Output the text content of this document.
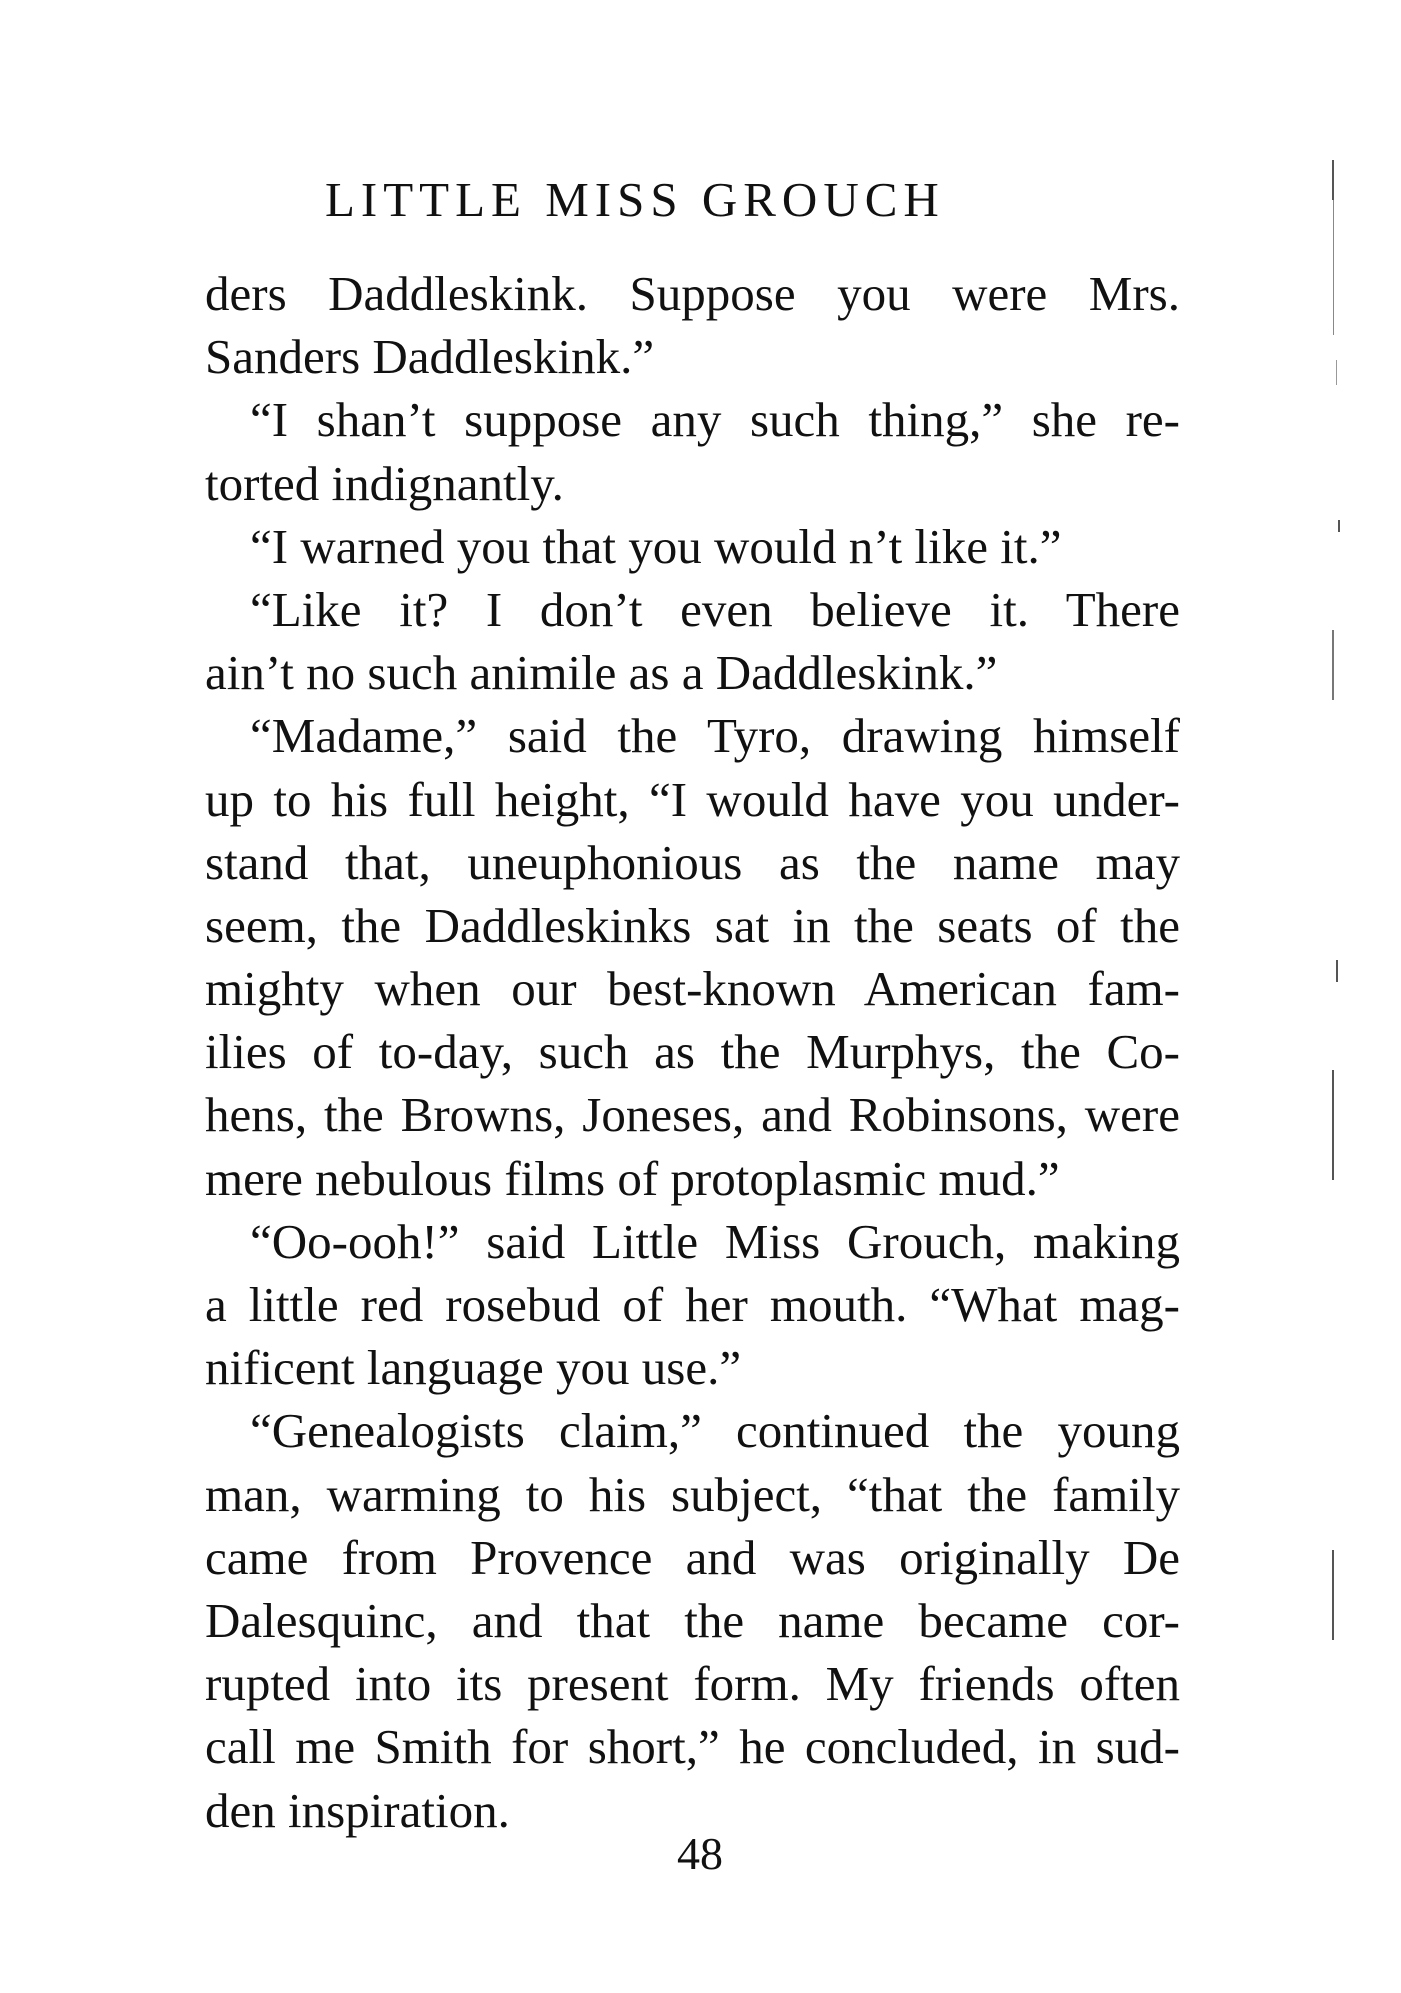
LITTLE MISS GROUCH
ders Daddleskink. Suppose you were Mrs.
Sanders Daddleskink.”
“I shan’t suppose any such thing,” she re-
torted indignantly.
“I warned you that you would n’t like it.”
“Like it? I don’t even believe it. There
ain’t no such animile as a Daddleskink.”
“Madame,” said the Tyro, drawing himself
up to his full height, “I would have you under-
stand that, uneuphonious as the name may
seem, the Daddleskinks sat in the seats of the
mighty when our best-known American fam-
ilies of to-day, such as the Murphys, the Co-
hens, the Browns, Joneses, and Robinsons, were
mere nebulous films of protoplasmic mud.”
“Oo-ooh!” said Little Miss Grouch, making
a little red rosebud of her mouth. “What mag-
nificent language you use.”
“Genealogists claim,” continued the young
man, warming to his subject, “that the family
came from Provence and was originally De
Dalesquinc, and that the name became cor-
rupted into its present form. My friends often
call me Smith for short,” he concluded, in sud-
den inspiration.
48
